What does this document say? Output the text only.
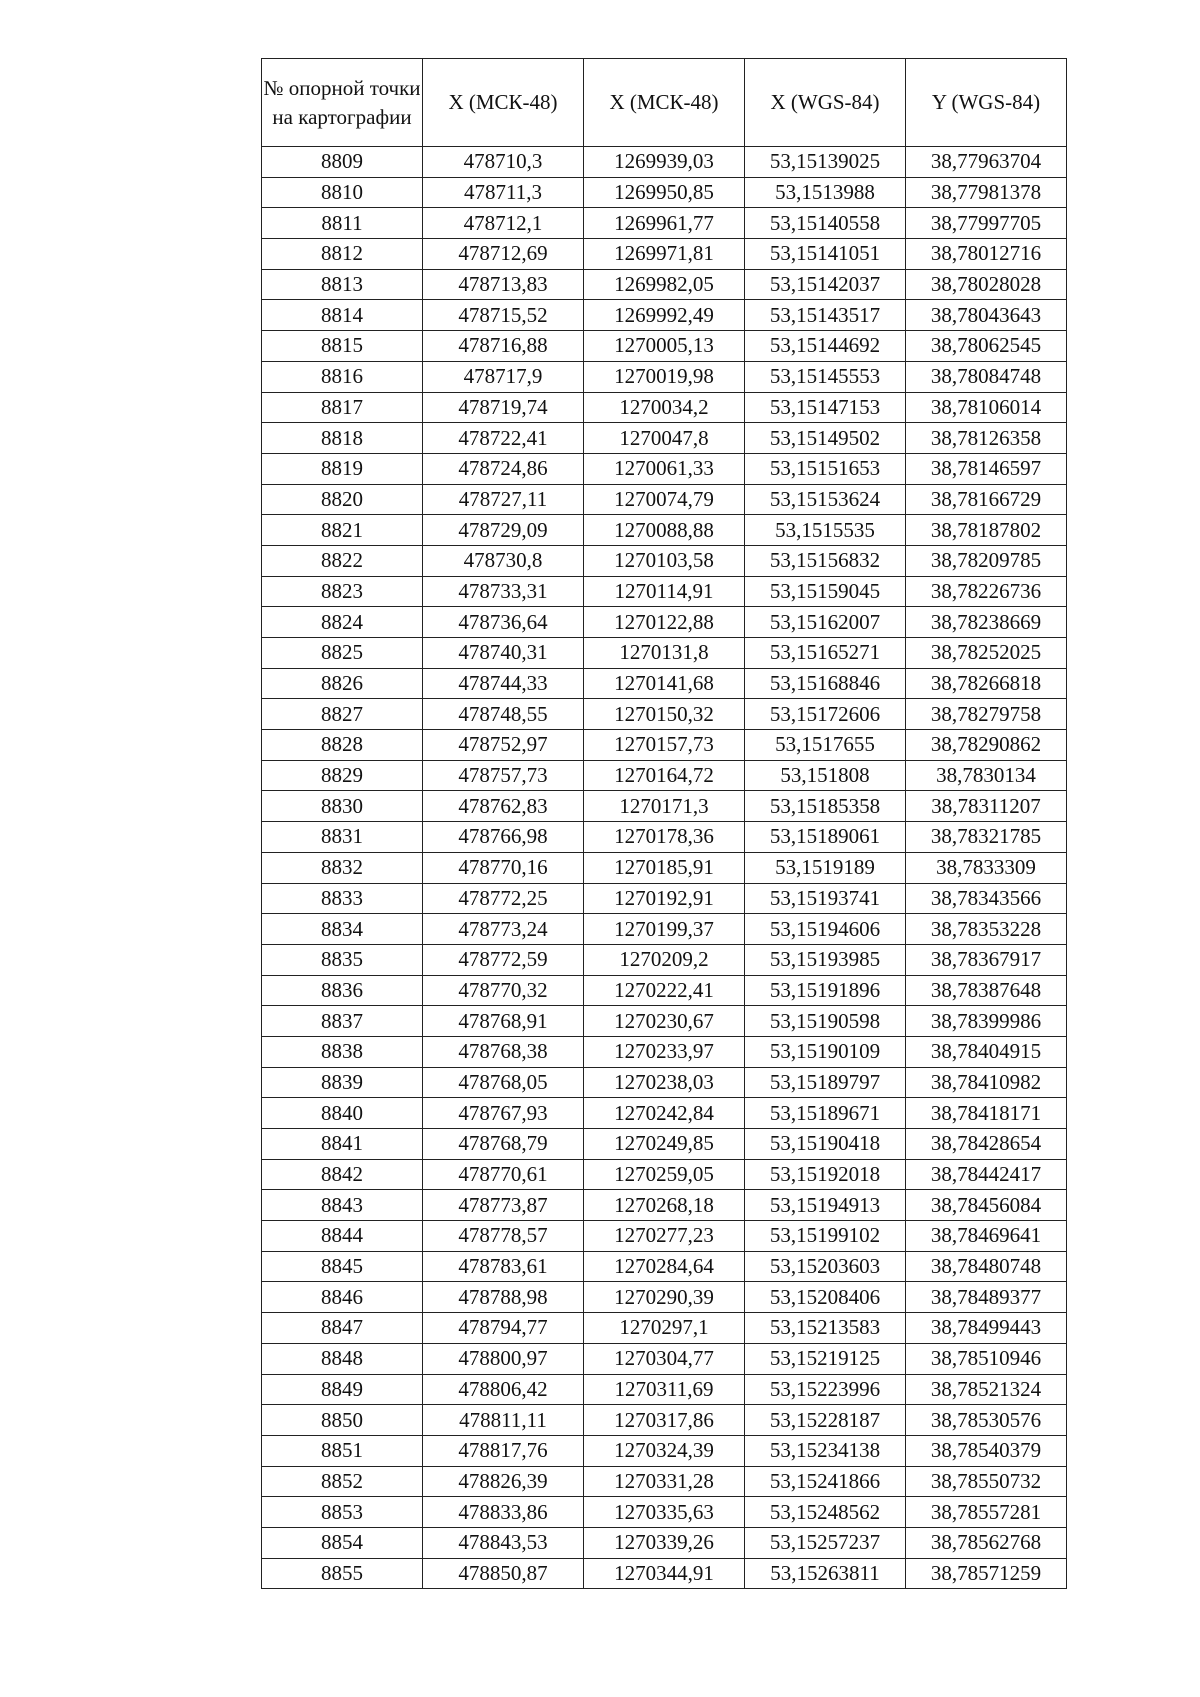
№ опорной точки на картографии	X (МСК-48)	X (МСК-48)	X (WGS-84)	Y (WGS-84)
8809	478710,3	1269939,03	53,15139025	38,77963704
8810	478711,3	1269950,85	53,1513988	38,77981378
8811	478712,1	1269961,77	53,15140558	38,77997705
8812	478712,69	1269971,81	53,15141051	38,78012716
8813	478713,83	1269982,05	53,15142037	38,78028028
8814	478715,52	1269992,49	53,15143517	38,78043643
8815	478716,88	1270005,13	53,15144692	38,78062545
8816	478717,9	1270019,98	53,15145553	38,78084748
8817	478719,74	1270034,2	53,15147153	38,78106014
8818	478722,41	1270047,8	53,15149502	38,78126358
8819	478724,86	1270061,33	53,15151653	38,78146597
8820	478727,11	1270074,79	53,15153624	38,78166729
8821	478729,09	1270088,88	53,1515535	38,78187802
8822	478730,8	1270103,58	53,15156832	38,78209785
8823	478733,31	1270114,91	53,15159045	38,78226736
8824	478736,64	1270122,88	53,15162007	38,78238669
8825	478740,31	1270131,8	53,15165271	38,78252025
8826	478744,33	1270141,68	53,15168846	38,78266818
8827	478748,55	1270150,32	53,15172606	38,78279758
8828	478752,97	1270157,73	53,1517655	38,78290862
8829	478757,73	1270164,72	53,151808	38,7830134
8830	478762,83	1270171,3	53,15185358	38,78311207
8831	478766,98	1270178,36	53,15189061	38,78321785
8832	478770,16	1270185,91	53,1519189	38,7833309
8833	478772,25	1270192,91	53,15193741	38,78343566
8834	478773,24	1270199,37	53,15194606	38,78353228
8835	478772,59	1270209,2	53,15193985	38,78367917
8836	478770,32	1270222,41	53,15191896	38,78387648
8837	478768,91	1270230,67	53,15190598	38,78399986
8838	478768,38	1270233,97	53,15190109	38,78404915
8839	478768,05	1270238,03	53,15189797	38,78410982
8840	478767,93	1270242,84	53,15189671	38,78418171
8841	478768,79	1270249,85	53,15190418	38,78428654
8842	478770,61	1270259,05	53,15192018	38,78442417
8843	478773,87	1270268,18	53,15194913	38,78456084
8844	478778,57	1270277,23	53,15199102	38,78469641
8845	478783,61	1270284,64	53,15203603	38,78480748
8846	478788,98	1270290,39	53,15208406	38,78489377
8847	478794,77	1270297,1	53,15213583	38,78499443
8848	478800,97	1270304,77	53,15219125	38,78510946
8849	478806,42	1270311,69	53,15223996	38,78521324
8850	478811,11	1270317,86	53,15228187	38,78530576
8851	478817,76	1270324,39	53,15234138	38,78540379
8852	478826,39	1270331,28	53,15241866	38,78550732
8853	478833,86	1270335,63	53,15248562	38,78557281
8854	478843,53	1270339,26	53,15257237	38,78562768
8855	478850,87	1270344,91	53,15263811	38,78571259
